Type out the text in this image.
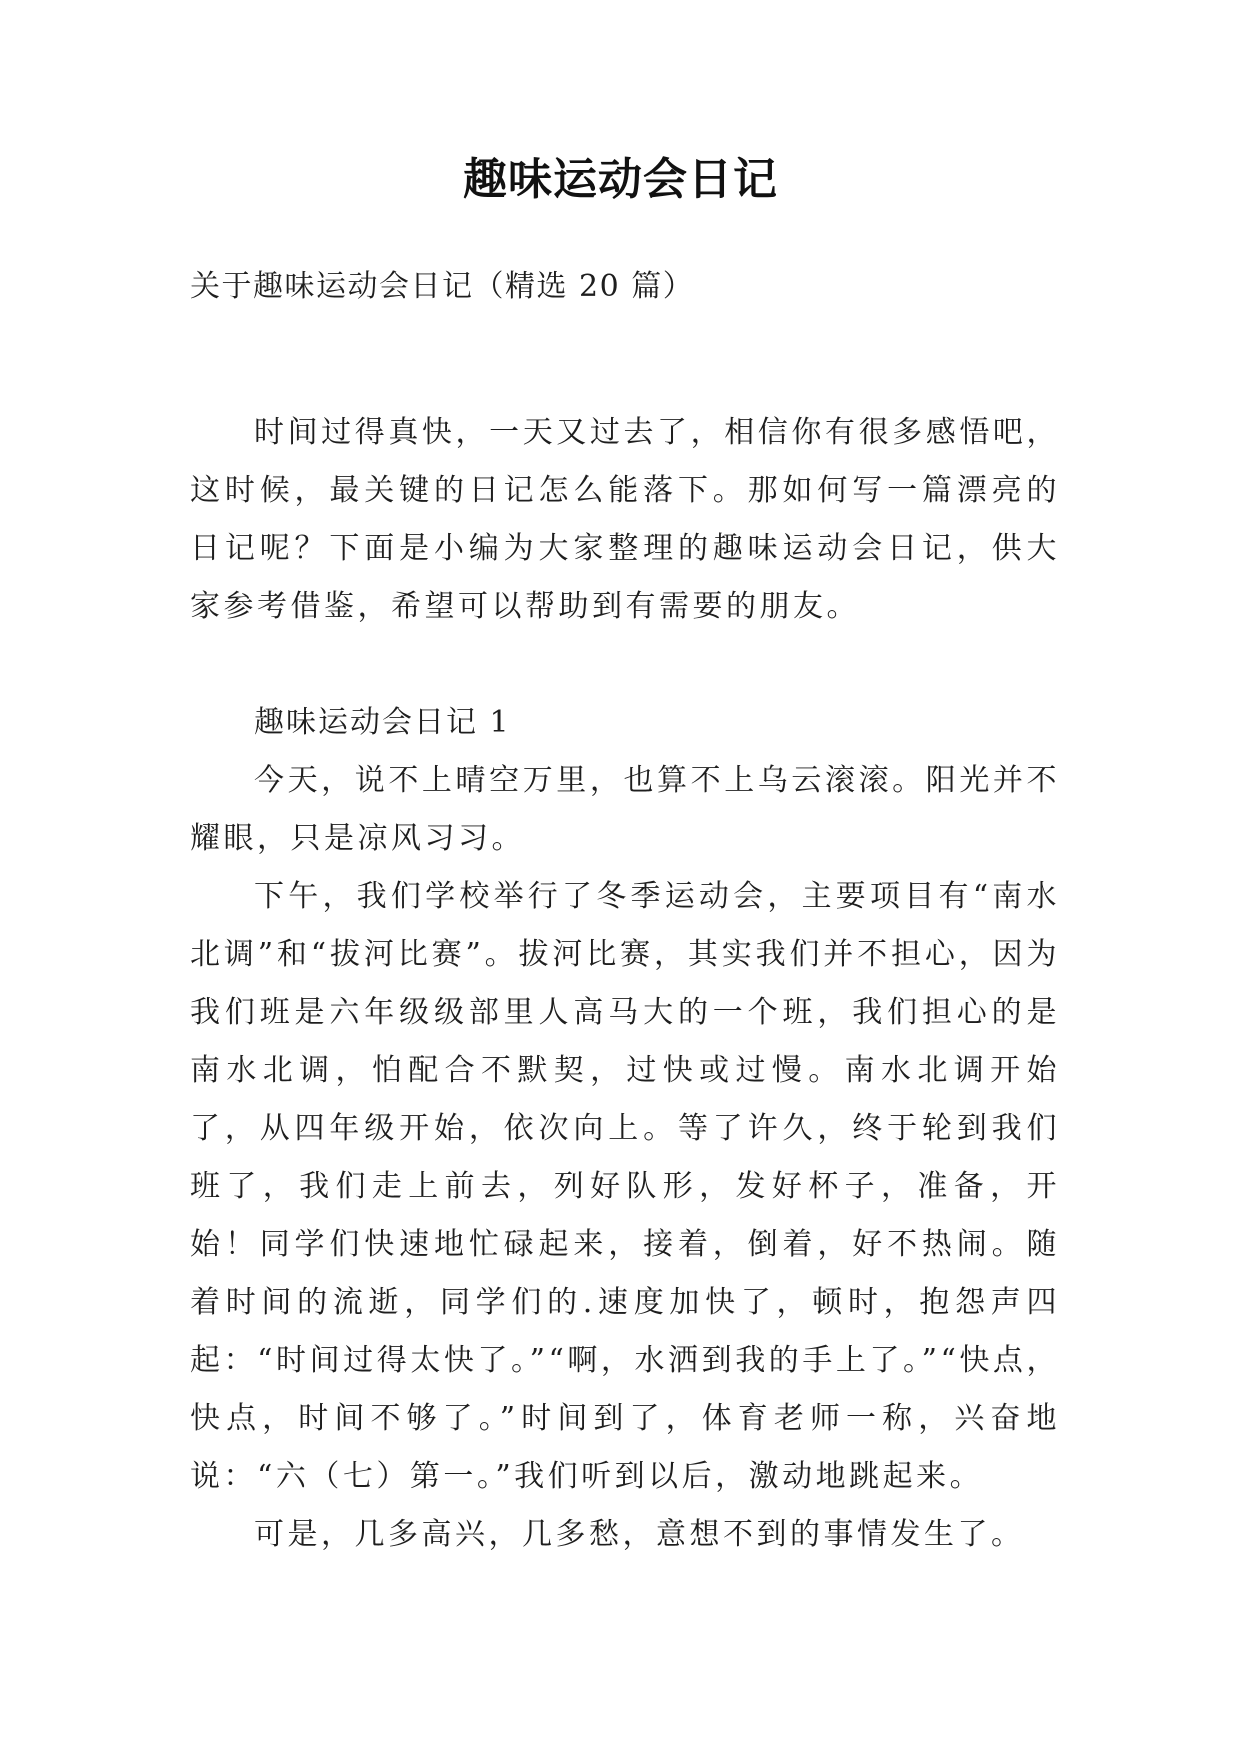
趣味运动会日记
关于趣味运动会日记（精选 20 篇）

时间过得真快，一天又过去了，相信你有很多感悟吧，这时候，最关键的日记怎么能落下。那如何写一篇漂亮的日记呢？下面是小编为大家整理的趣味运动会日记，供大家参考借鉴，希望可以帮助到有需要的朋友。

趣味运动会日记 1

今天，说不上晴空万里，也算不上乌云滚滚。阳光并不耀眼，只是凉风习习。

下午，我们学校举行了冬季运动会，主要项目有“南水北调”和“拔河比赛”。拔河比赛，其实我们并不担心，因为我们班是六年级级部里人高马大的一个班，我们担心的是南水北调，怕配合不默契，过快或过慢。南水北调开始了，从四年级开始，依次向上。等了许久，终于轮到我们班了，我们走上前去，列好队形，发好杯子，准备，开始！同学们快速地忙碌起来，接着，倒着，好不热闹。随着时间的流逝，同学们的.速度加快了，顿时，抱怨声四起：“时间过得太快了。”“啊，水洒到我的手上了。”“快点，快点，时间不够了。”时间到了，体育老师一称，兴奋地说：“六（七）第一。”我们听到以后，激动地跳起来。

可是，几多高兴，几多愁，意想不到的事情发生了。
